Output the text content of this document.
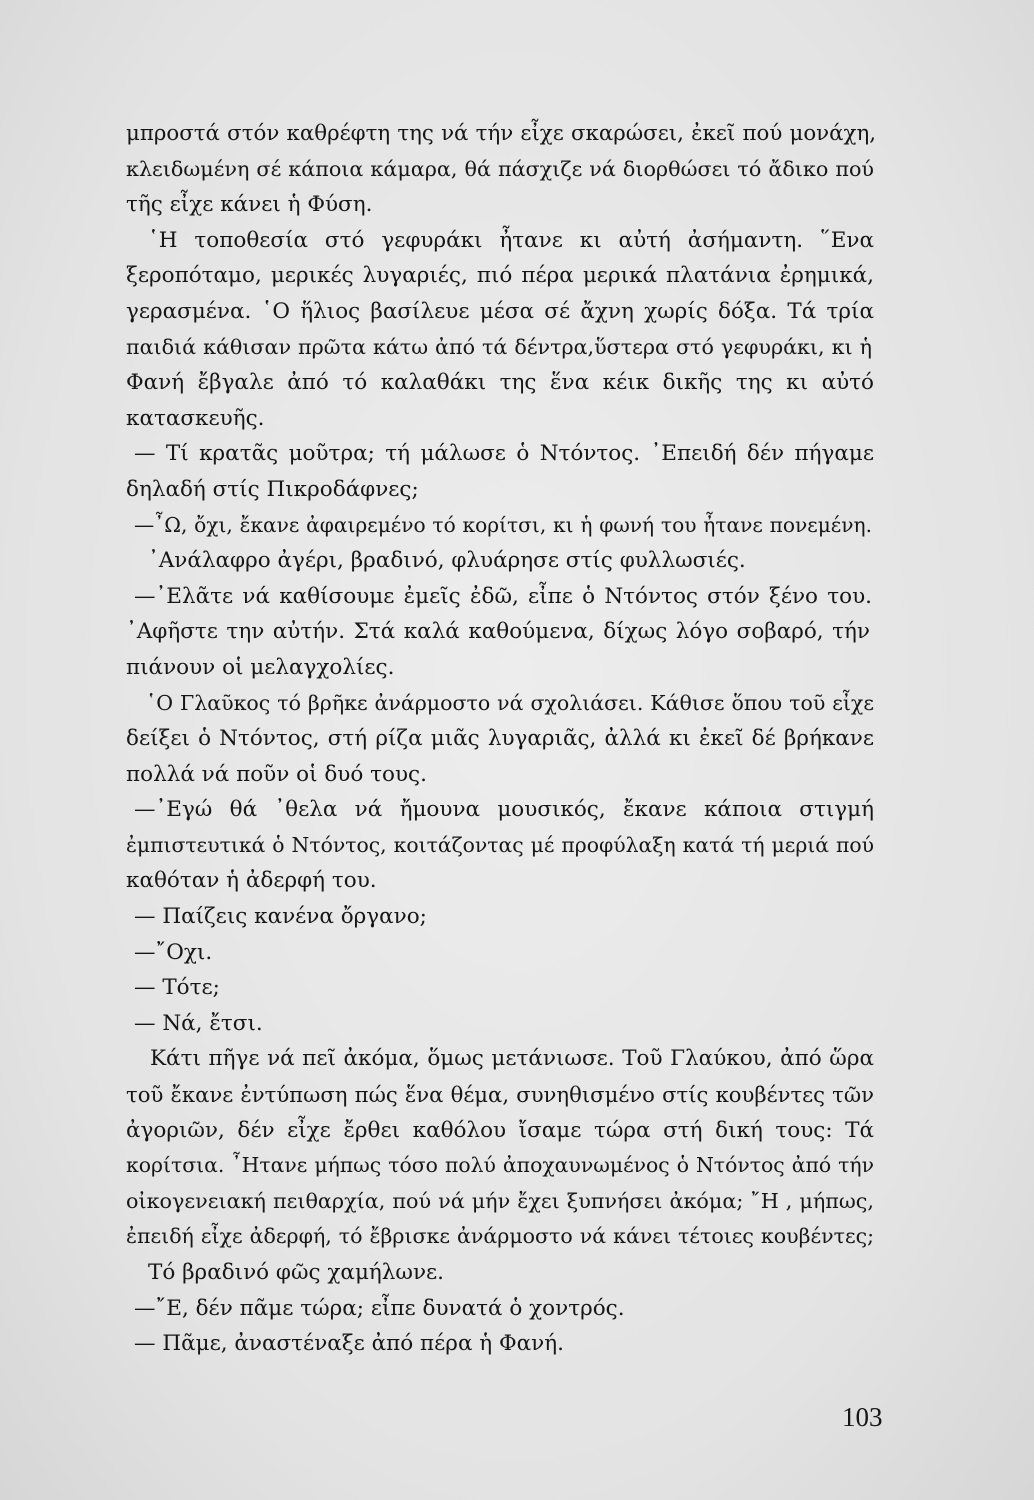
μπροστά στόν καθρέφτη της νά τήν εἶχε σκαρώσει, ἐκεῖ πού μονάχη,
κλειδωμένη σέ κάποια κάμαρα, θά πάσχιζε νά διορθώσει τό ἄδικο πού
τῆς εἶχε κάνει ἡ Φύση.
῾Η τοποθεσία στό γεφυράκι ἦτανε κι αὐτή ἀσήμαντη. ῞Ενα
ξεροπόταμο, μερικές λυγαριές, πιό πέρα μερικά πλατάνια ἐρημικά,
γερασμένα. ῾Ο ἥλιος βασίλευε μέσα σέ ἄχνη χωρίς δόξα. Τά τρία
παιδιά κάθισαν πρῶτα κάτω ἀπό τά δέντρα,ὕστερα στό γεφυράκι, κι ἡ
Φανή ἔβγαλε ἀπό τό καλαθάκι της ἕνα κέικ δικῆς της κι αὐτό
κατασκευῆς.
— Τί κρατᾶς μοῦτρα; τή μάλωσε ὁ Ντόντος. ᾽Επειδή δέν πήγαμε
δηλαδή στίς Πικροδάφνες;
—῏Ω, ὄχι, ἔκανε ἀφαιρεμένο τό κορίτσι, κι ἡ φωνή του ἦτανε πονεμένη.
᾽Ανάλαφρο ἀγέρι, βραδινό, φλυάρησε στίς φυλλωσιές.
—᾽Ελᾶτε νά καθίσουμε ἐμεῖς ἐδῶ, εἶπε ὁ Ντόντος στόν ξένο του.
᾽Αφῆστε την αὐτήν. Στά καλά καθούμενα, δίχως λόγο σοβαρό, τήν
πιάνουν οἱ μελαγχολίες.
῾Ο Γλαῦκος τό βρῆκε ἀνάρμοστο νά σχολιάσει. Κάθισε ὅπου τοῦ εἶχε
δείξει ὁ Ντόντος, στή ρίζα μιᾶς λυγαριᾶς, ἀλλά κι ἐκεῖ δέ βρήκανε
πολλά νά ποῦν οἱ δυό τους.
—᾽Εγώ θά ᾽θελα νά ἤμουνα μουσικός, ἔκανε κάποια στιγμή
ἐμπιστευτικά ὁ Ντόντος, κοιτάζοντας μέ προφύλαξη κατά τή μεριά πού
καθόταν ἡ ἀδερφή του.
— Παίζεις κανένα ὄργανο;
—῎Οχι.
— Τότε;
— Νά, ἔτσι.
Κάτι πῆγε νά πεῖ ἀκόμα, ὅμως μετάνιωσε. Τοῦ Γλαύκου, ἀπό ὥρα
τοῦ ἔκανε ἐντύπωση πώς ἕνα θέμα, συνηθισμένο στίς κουβέντες τῶν
ἀγοριῶν, δέν εἶχε ἔρθει καθόλου ἴσαμε τώρα στή δική τους: Τά
κορίτσια. ῏Ητανε μήπως τόσο πολύ ἀποχαυνωμένος ὁ Ντόντος ἀπό τήν
οἰκογενειακή πειθαρχία, πού νά μήν ἔχει ξυπνήσει ἀκόμα; ῎Η , μήπως,
ἐπειδή εἶχε ἀδερφή, τό ἔβρισκε ἀνάρμοστο νά κάνει τέτοιες κουβέντες;
Τό βραδινό φῶς χαμήλωνε.
—῎Ε, δέν πᾶμε τώρα; εἶπε δυνατά ὁ χοντρός.
— Πᾶμε, ἀναστέναξε ἀπό πέρα ἡ Φανή.
103
